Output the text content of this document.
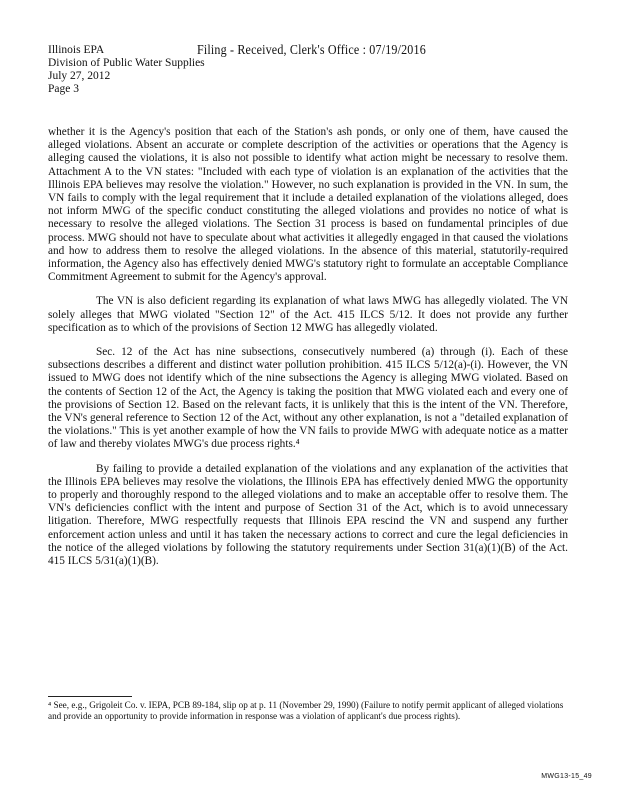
Illinois EPA
Division of Public Water Supplies
July 27, 2012
Page 3
Filing - Received, Clerk's Office : 07/19/2016

whether it is the Agency's position that each of the Station's ash ponds, or only one of them, have caused the alleged violations. Absent an accurate or complete description of the activities or operations that the Agency is alleging caused the violations, it is also not possible to identify what action might be necessary to resolve them. Attachment A to the VN states: "Included with each type of violation is an explanation of the activities that the Illinois EPA believes may resolve the violation." However, no such explanation is provided in the VN. In sum, the VN fails to comply with the legal requirement that it include a detailed explanation of the violations alleged, does not inform MWG of the specific conduct constituting the alleged violations and provides no notice of what is necessary to resolve the alleged violations. The Section 31 process is based on fundamental principles of due process. MWG should not have to speculate about what activities it allegedly engaged in that caused the violations and how to address them to resolve the alleged violations. In the absence of this material, statutorily-required information, the Agency also has effectively denied MWG's statutory right to formulate an acceptable Compliance Commitment Agreement to submit for the Agency's approval.

The VN is also deficient regarding its explanation of what laws MWG has allegedly violated. The VN solely alleges that MWG violated "Section 12" of the Act. 415 ILCS 5/12. It does not provide any further specification as to which of the provisions of Section 12 MWG has allegedly violated.

Sec. 12 of the Act has nine subsections, consecutively numbered (a) through (i). Each of these subsections describes a different and distinct water pollution prohibition. 415 ILCS 5/12(a)-(i). However, the VN issued to MWG does not identify which of the nine subsections the Agency is alleging MWG violated. Based on the contents of Section 12 of the Act, the Agency is taking the position that MWG violated each and every one of the provisions of Section 12. Based on the relevant facts, it is unlikely that this is the intent of the VN. Therefore, the VN's general reference to Section 12 of the Act, without any other explanation, is not a "detailed explanation of the violations." This is yet another example of how the VN fails to provide MWG with adequate notice as a matter of law and thereby violates MWG's due process rights.⁴

By failing to provide a detailed explanation of the violations and any explanation of the activities that the Illinois EPA believes may resolve the violations, the Illinois EPA has effectively denied MWG the opportunity to properly and thoroughly respond to the alleged violations and to make an acceptable offer to resolve them. The VN's deficiencies conflict with the intent and purpose of Section 31 of the Act, which is to avoid unnecessary litigation. Therefore, MWG respectfully requests that Illinois EPA rescind the VN and suspend any further enforcement action unless and until it has taken the necessary actions to correct and cure the legal deficiencies in the notice of the alleged violations by following the statutory requirements under Section 31(a)(1)(B) of the Act. 415 ILCS 5/31(a)(1)(B).

⁴ See, e.g., Grigoleit Co. v. IEPA, PCB 89-184, slip op at p. 11 (November 29, 1990) (Failure to notify permit applicant of alleged violations and provide an opportunity to provide information in response was a violation of applicant's due process rights).
MWG13-15_49
